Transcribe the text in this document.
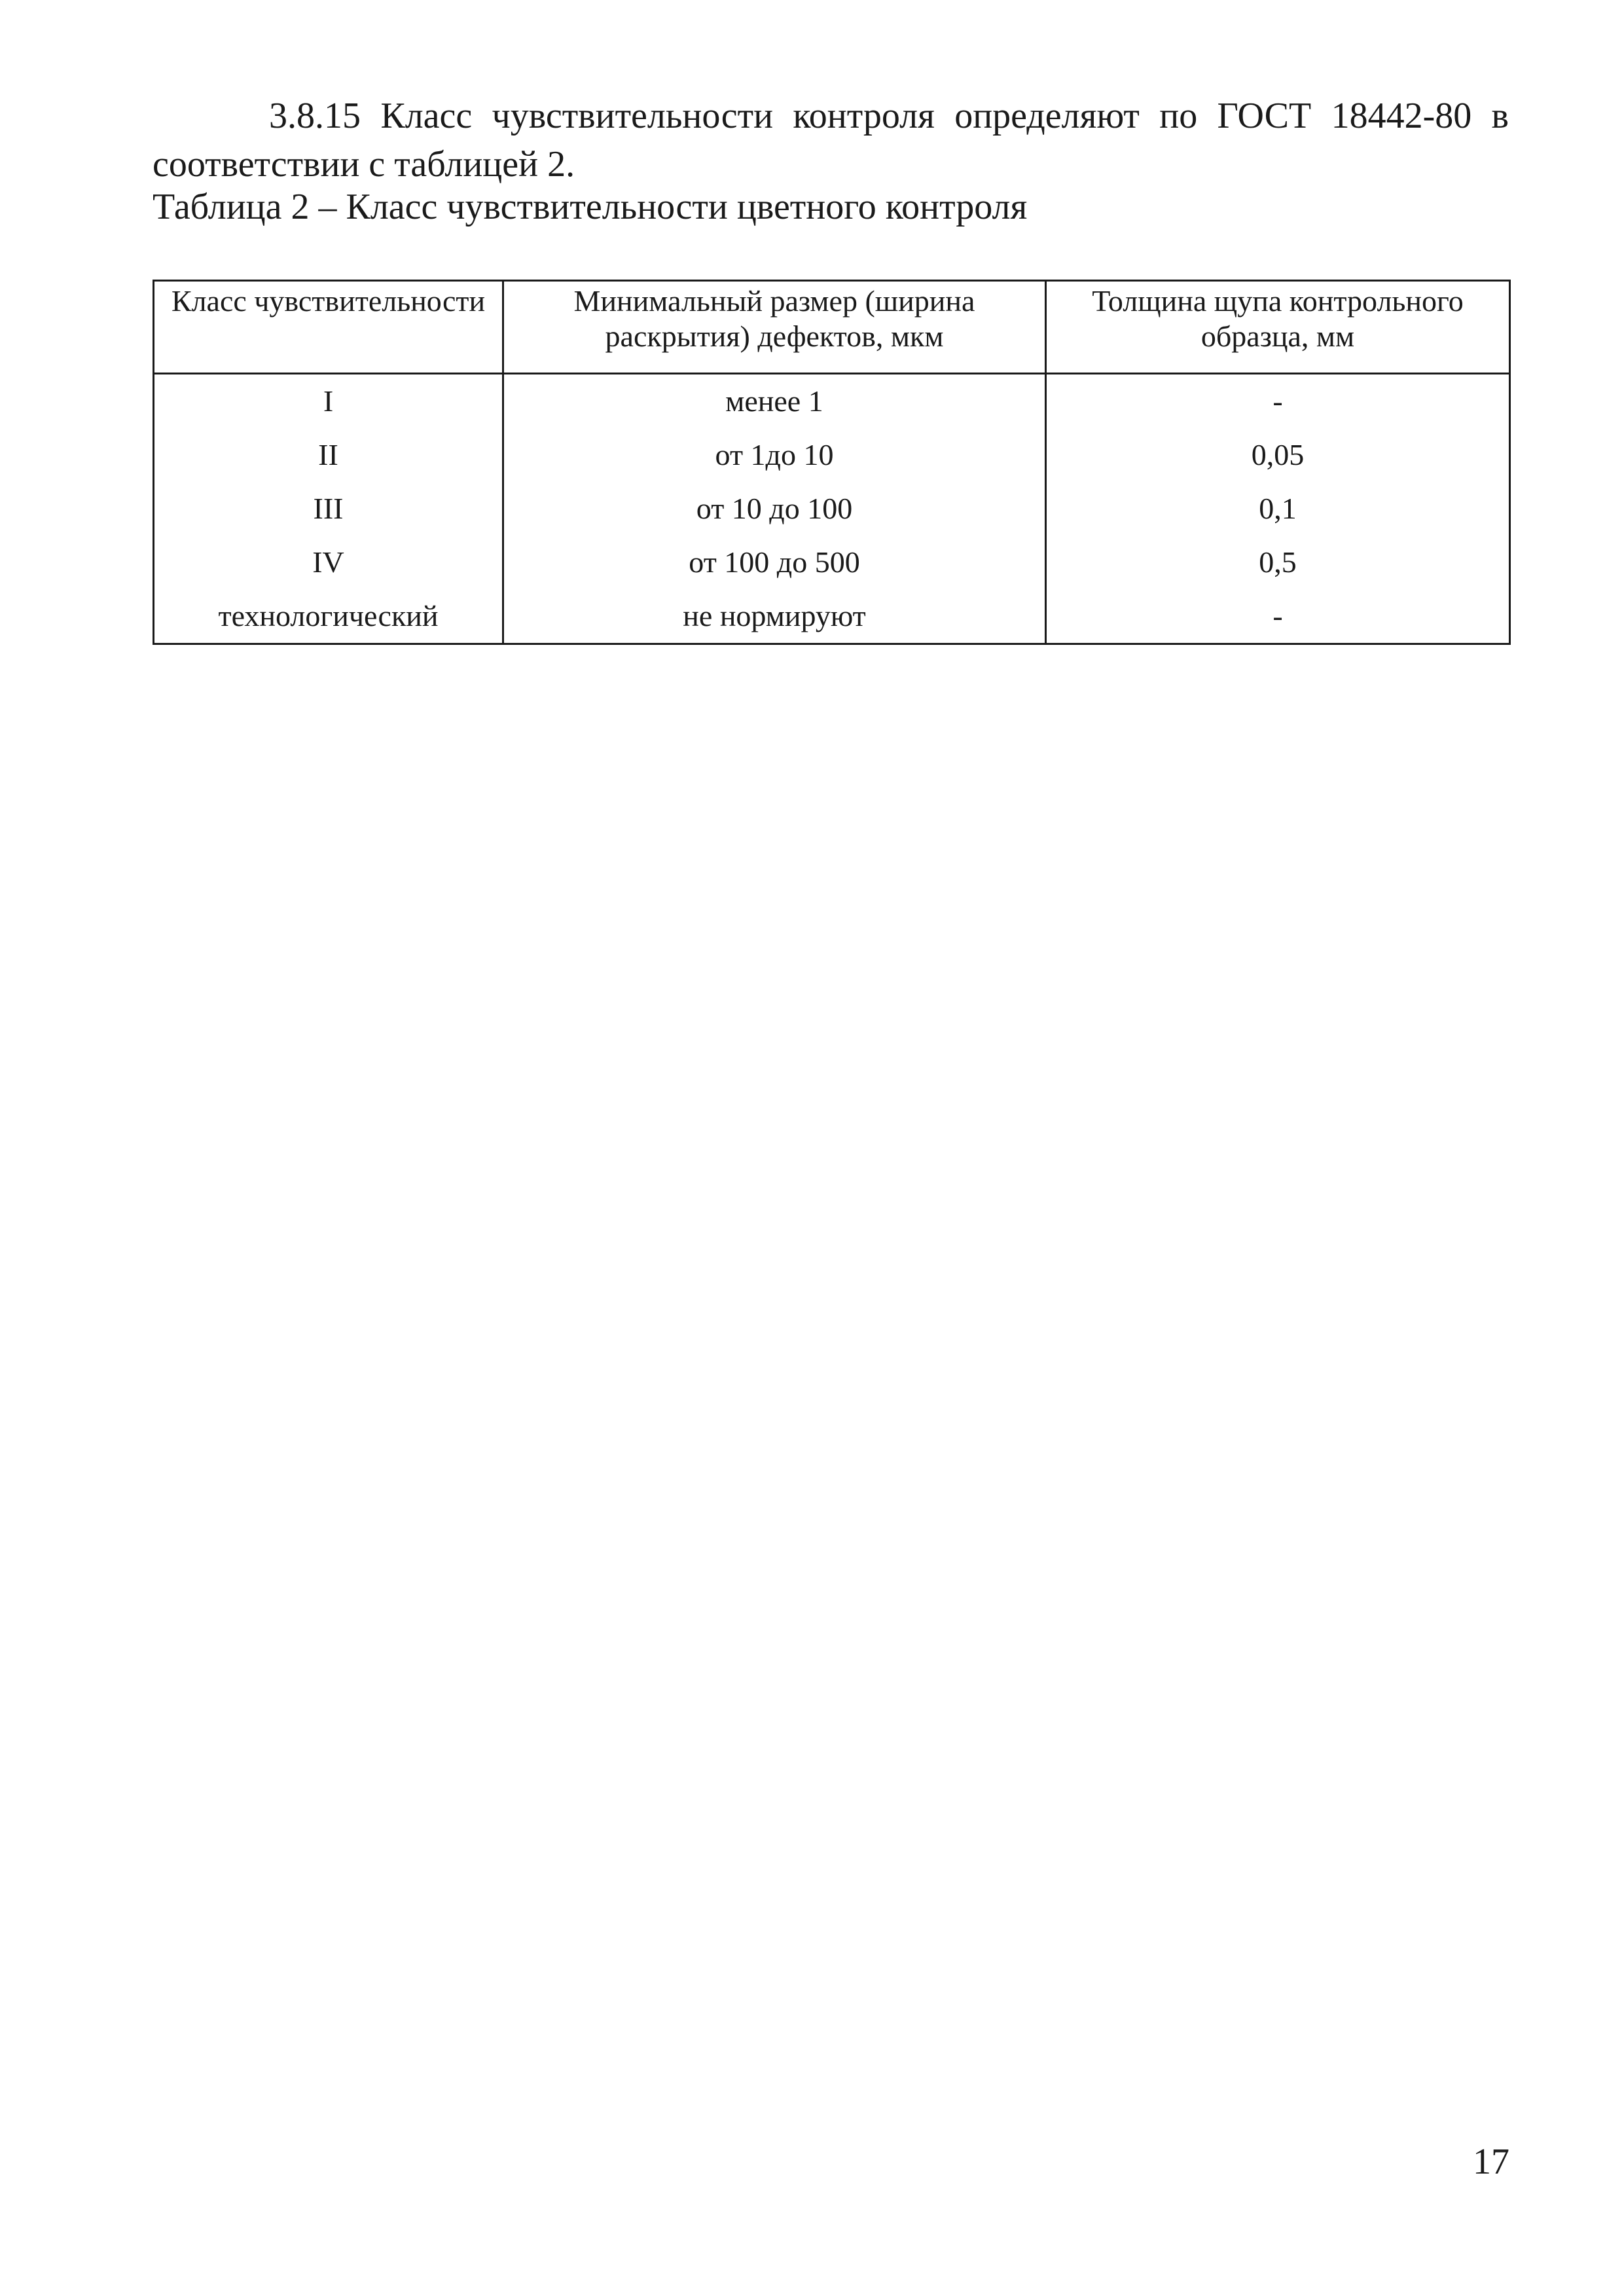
3.8.15 Класс чувствительности контроля определяют по ГОСТ 18442-80 в соответствии с таблицей 2.

Таблица 2 – Класс чувствительности цветного контроля

Класс чувствительности	Минимальный размер (ширина раскрытия) дефектов, мкм	Толщина щупа контрольного образца, мм
I	менее 1	-
II	от 1до 10	0,05
III	от 10 до 100	0,1
IV	от 100 до 500	0,5
технологический	не нормируют	-
17
